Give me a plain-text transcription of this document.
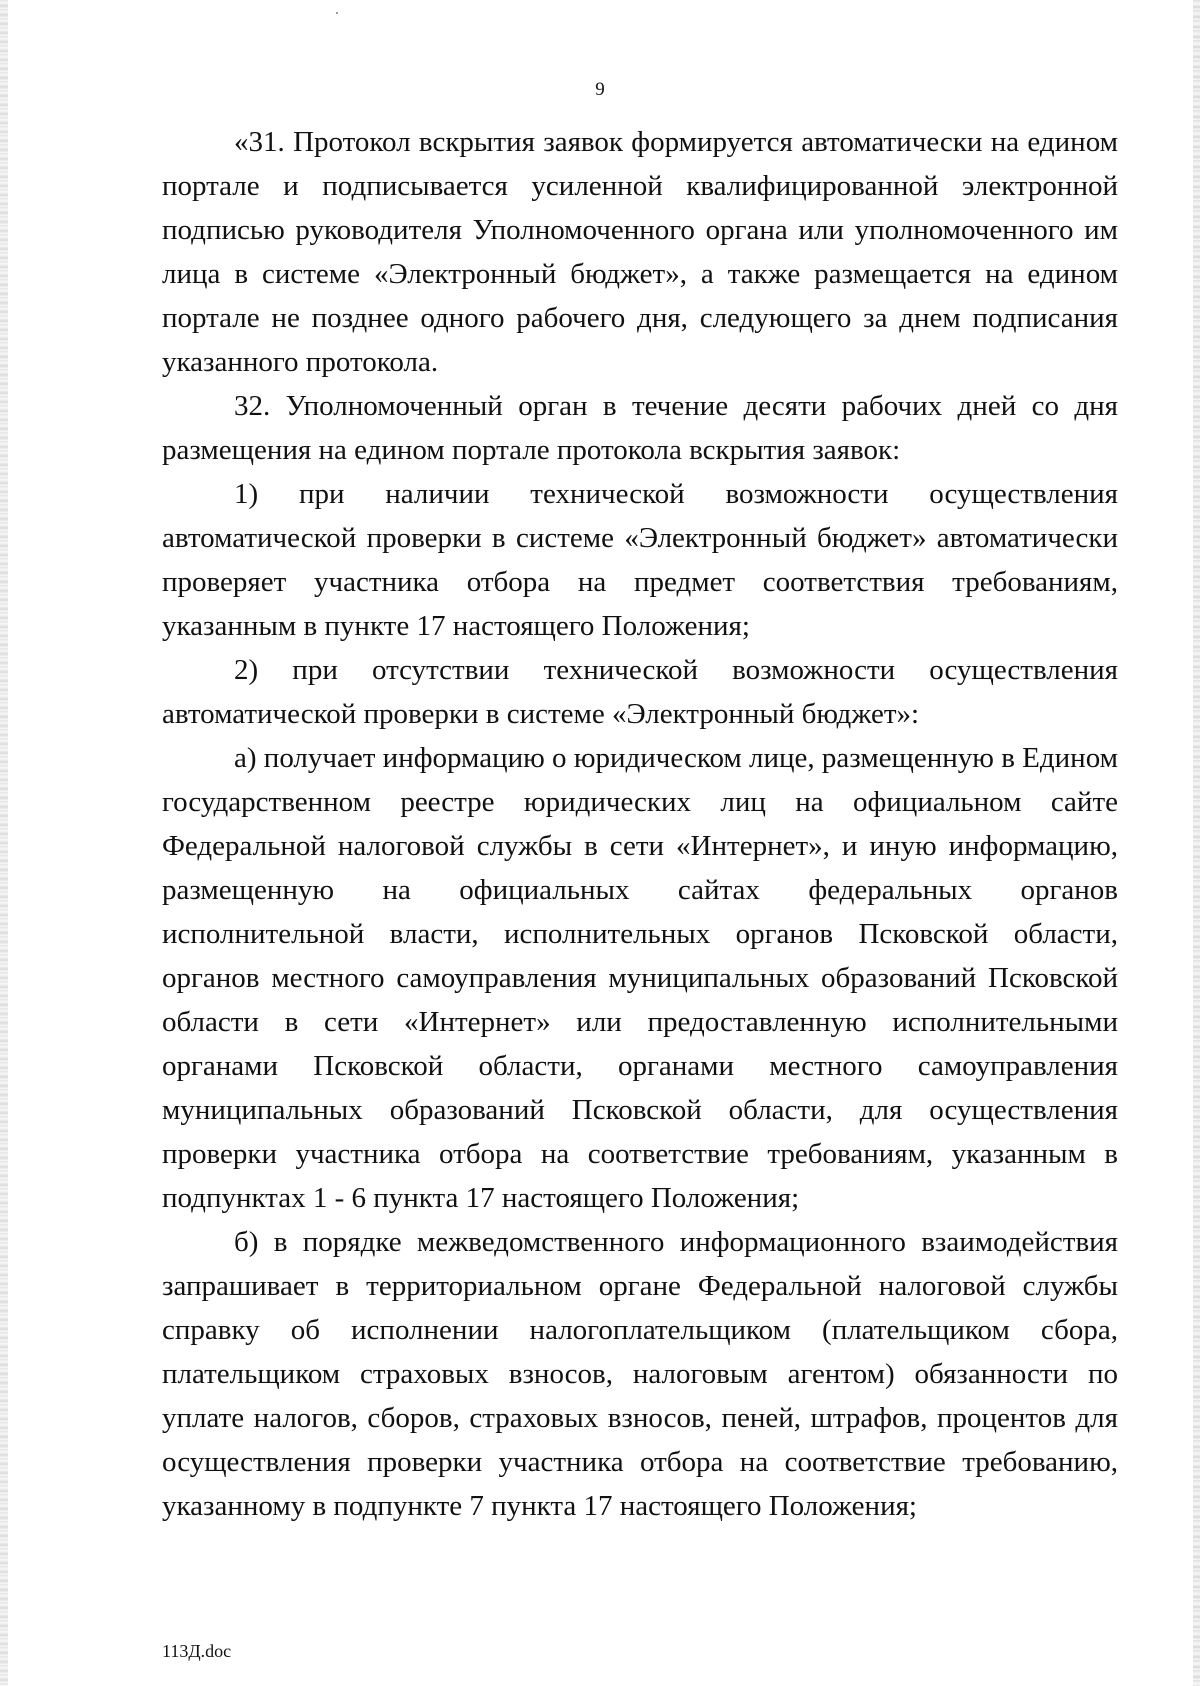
9

«31. Протокол вскрытия заявок формируется автоматически на едином портале и подписывается усиленной квалифицированной электронной подписью руководителя Уполномоченного органа или уполномоченного им лица в системе «Электронный бюджет», а также размещается на едином портале не позднее одного рабочего дня, следующего за днем подписания указанного протокола.

32. Уполномоченный орган в течение десяти рабочих дней со дня размещения на едином портале протокола вскрытия заявок:

1) при наличии технической возможности осуществления автоматической проверки в системе «Электронный бюджет» автоматически проверяет участника отбора на предмет соответствия требованиям, указанным в пункте 17 настоящего Положения;

2) при отсутствии технической возможности осуществления автоматической проверки в системе «Электронный бюджет»:

а) получает информацию о юридическом лице, размещенную в Едином государственном реестре юридических лиц на официальном сайте Федеральной налоговой службы в сети «Интернет», и иную информацию, размещенную на официальных сайтах федеральных органов исполнительной власти, исполнительных органов Псковской области, органов местного самоуправления муниципальных образований Псковской области в сети «Интернет» или предоставленную исполнительными органами Псковской области, органами местного самоуправления муниципальных образований Псковской области, для осуществления проверки участника отбора на соответствие требованиям, указанным в подпунктах 1 - 6 пункта 17 настоящего Положения;

б) в порядке межведомственного информационного взаимодействия запрашивает в территориальном органе Федеральной налоговой службы справку об исполнении налогоплательщиком (плательщиком сбора, плательщиком страховых взносов, налоговым агентом) обязанности по уплате налогов, сборов, страховых взносов, пеней, штрафов, процентов для осуществления проверки участника отбора на соответствие требованию, указанному в подпункте 7 пункта 17 настоящего Положения;

113Д.doc
